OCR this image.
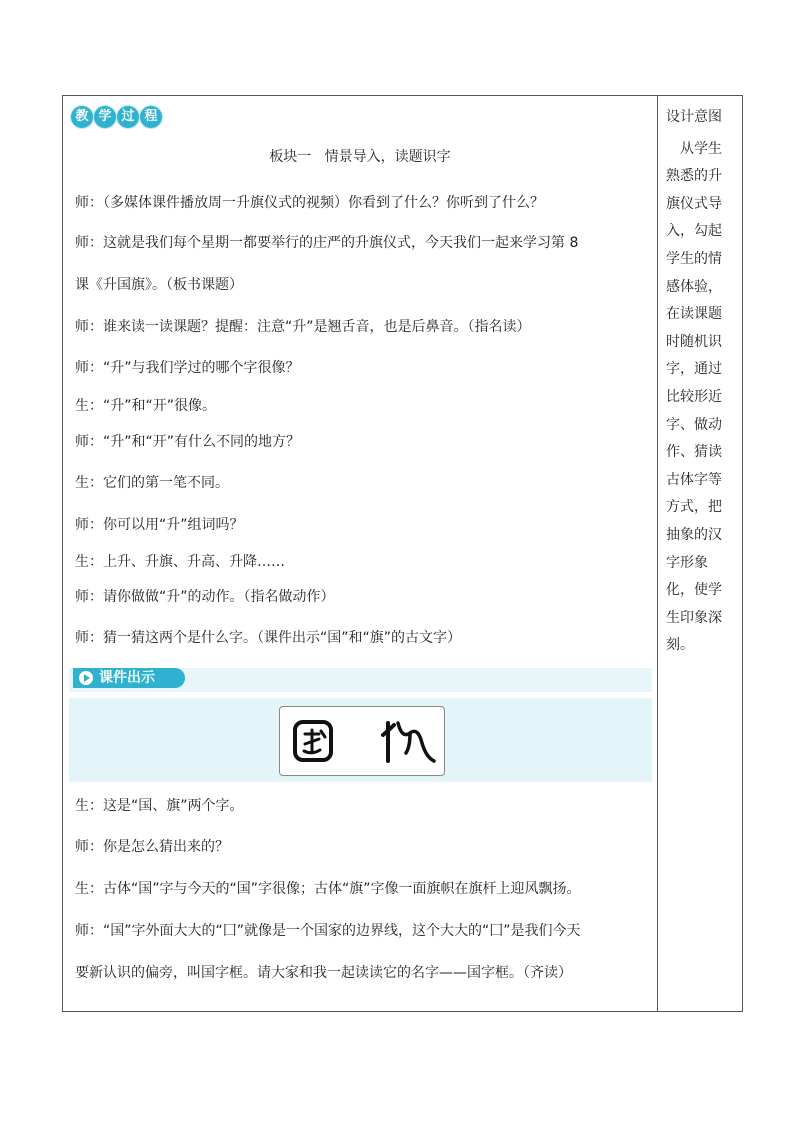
教 学 过 程
板块一   情景导入，读题识字
师：（多媒体课件播放周一升旗仪式的视频）你看到了什么？你听到了什么？
师：这就是我们每个星期一都要举行的庄严的升旗仪式，今天我们一起来学习第 8
课《升国旗》。（板书课题）
师：谁来读一读课题？提醒：注意“升”是翘舌音，也是后鼻音。（指名读）
师：“升”与我们学过的哪个字很像？
生：“升”和“开”很像。
师：“升”和“开”有什么不同的地方？
生：它们的第一笔不同。
师：你可以用“升”组词吗？
生：上升、升旗、升高、升降……
师：请你做做“升”的动作。（指名做动作）
师：猜一猜这两个是什么字。（课件出示“国”和“旗”的古文字）
课件出示
生：这是“国、旗”两个字。
师：你是怎么猜出来的？
生：古体“国”字与今天的“国”字很像；古体“旗”字像一面旗帜在旗杆上迎风飘扬。
师：“国”字外面大大的“囗”就像是一个国家的边界线，这个大大的“囗”是我们今天
要新认识的偏旁，叫国字框。请大家和我一起读读它的名字——国字框。（齐读）
设计意图
从学生
熟悉的升
旗仪式导
入，勾起
学生的情
感体验，
在读课题
时随机识
字，通过
比较形近
字、做动
作、猜读
古体字等
方式，把
抽象的汉
字形象
化，使学
生印象深
刻。
